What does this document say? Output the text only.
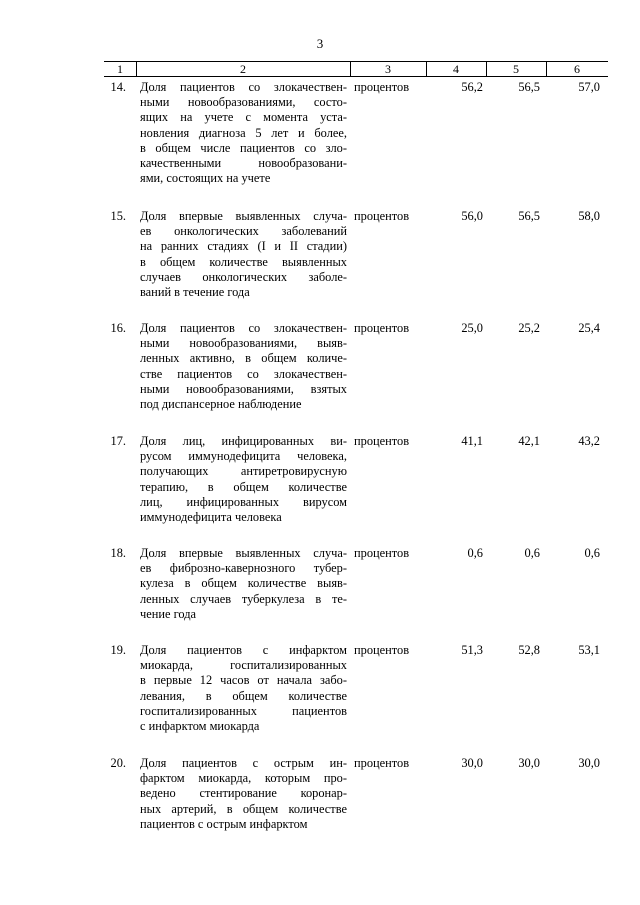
3
1	2	3	4	5	6
14. Доля пациентов со злокачествен-
ными новообразованиями, состо-
ящих на учете с момента уста-
новления диагноза 5 лет и более,
в общем числе пациентов со зло-
качественными новообразовани-
ями, состоящих на учете
процентов	56,2	56,5	57,0
15. Доля впервые выявленных случа-
ев онкологических заболеваний
на ранних стадиях (I и II стадии)
в общем количестве выявленных
случаев онкологических заболе-
ваний в течение года
процентов	56,0	56,5	58,0
16. Доля пациентов со злокачествен-
ными новообразованиями, выяв-
ленных активно, в общем количе-
стве пациентов со злокачествен-
ными новообразованиями, взятых
под диспансерное наблюдение
процентов	25,0	25,2	25,4
17. Доля лиц, инфицированных ви-
русом иммунодефицита человека,
получающих антиретровирусную
терапию, в общем количестве
лиц, инфицированных вирусом
иммунодефицита человека
процентов	41,1	42,1	43,2
18. Доля впервые выявленных случа-
ев фиброзно-кавернозного тубер-
кулеза в общем количестве выяв-
ленных случаев туберкулеза в те-
чение года
процентов	0,6	0,6	0,6
19. Доля пациентов с инфарктом
миокарда, госпитализированных
в первые 12 часов от начала забо-
левания, в общем количестве
госпитализированных пациентов
с инфарктом миокарда
процентов	51,3	52,8	53,1
20. Доля пациентов с острым ин-
фарктом миокарда, которым про-
ведено стентирование коронар-
ных артерий, в общем количестве
пациентов с острым инфарктом
процентов	30,0	30,0	30,0
